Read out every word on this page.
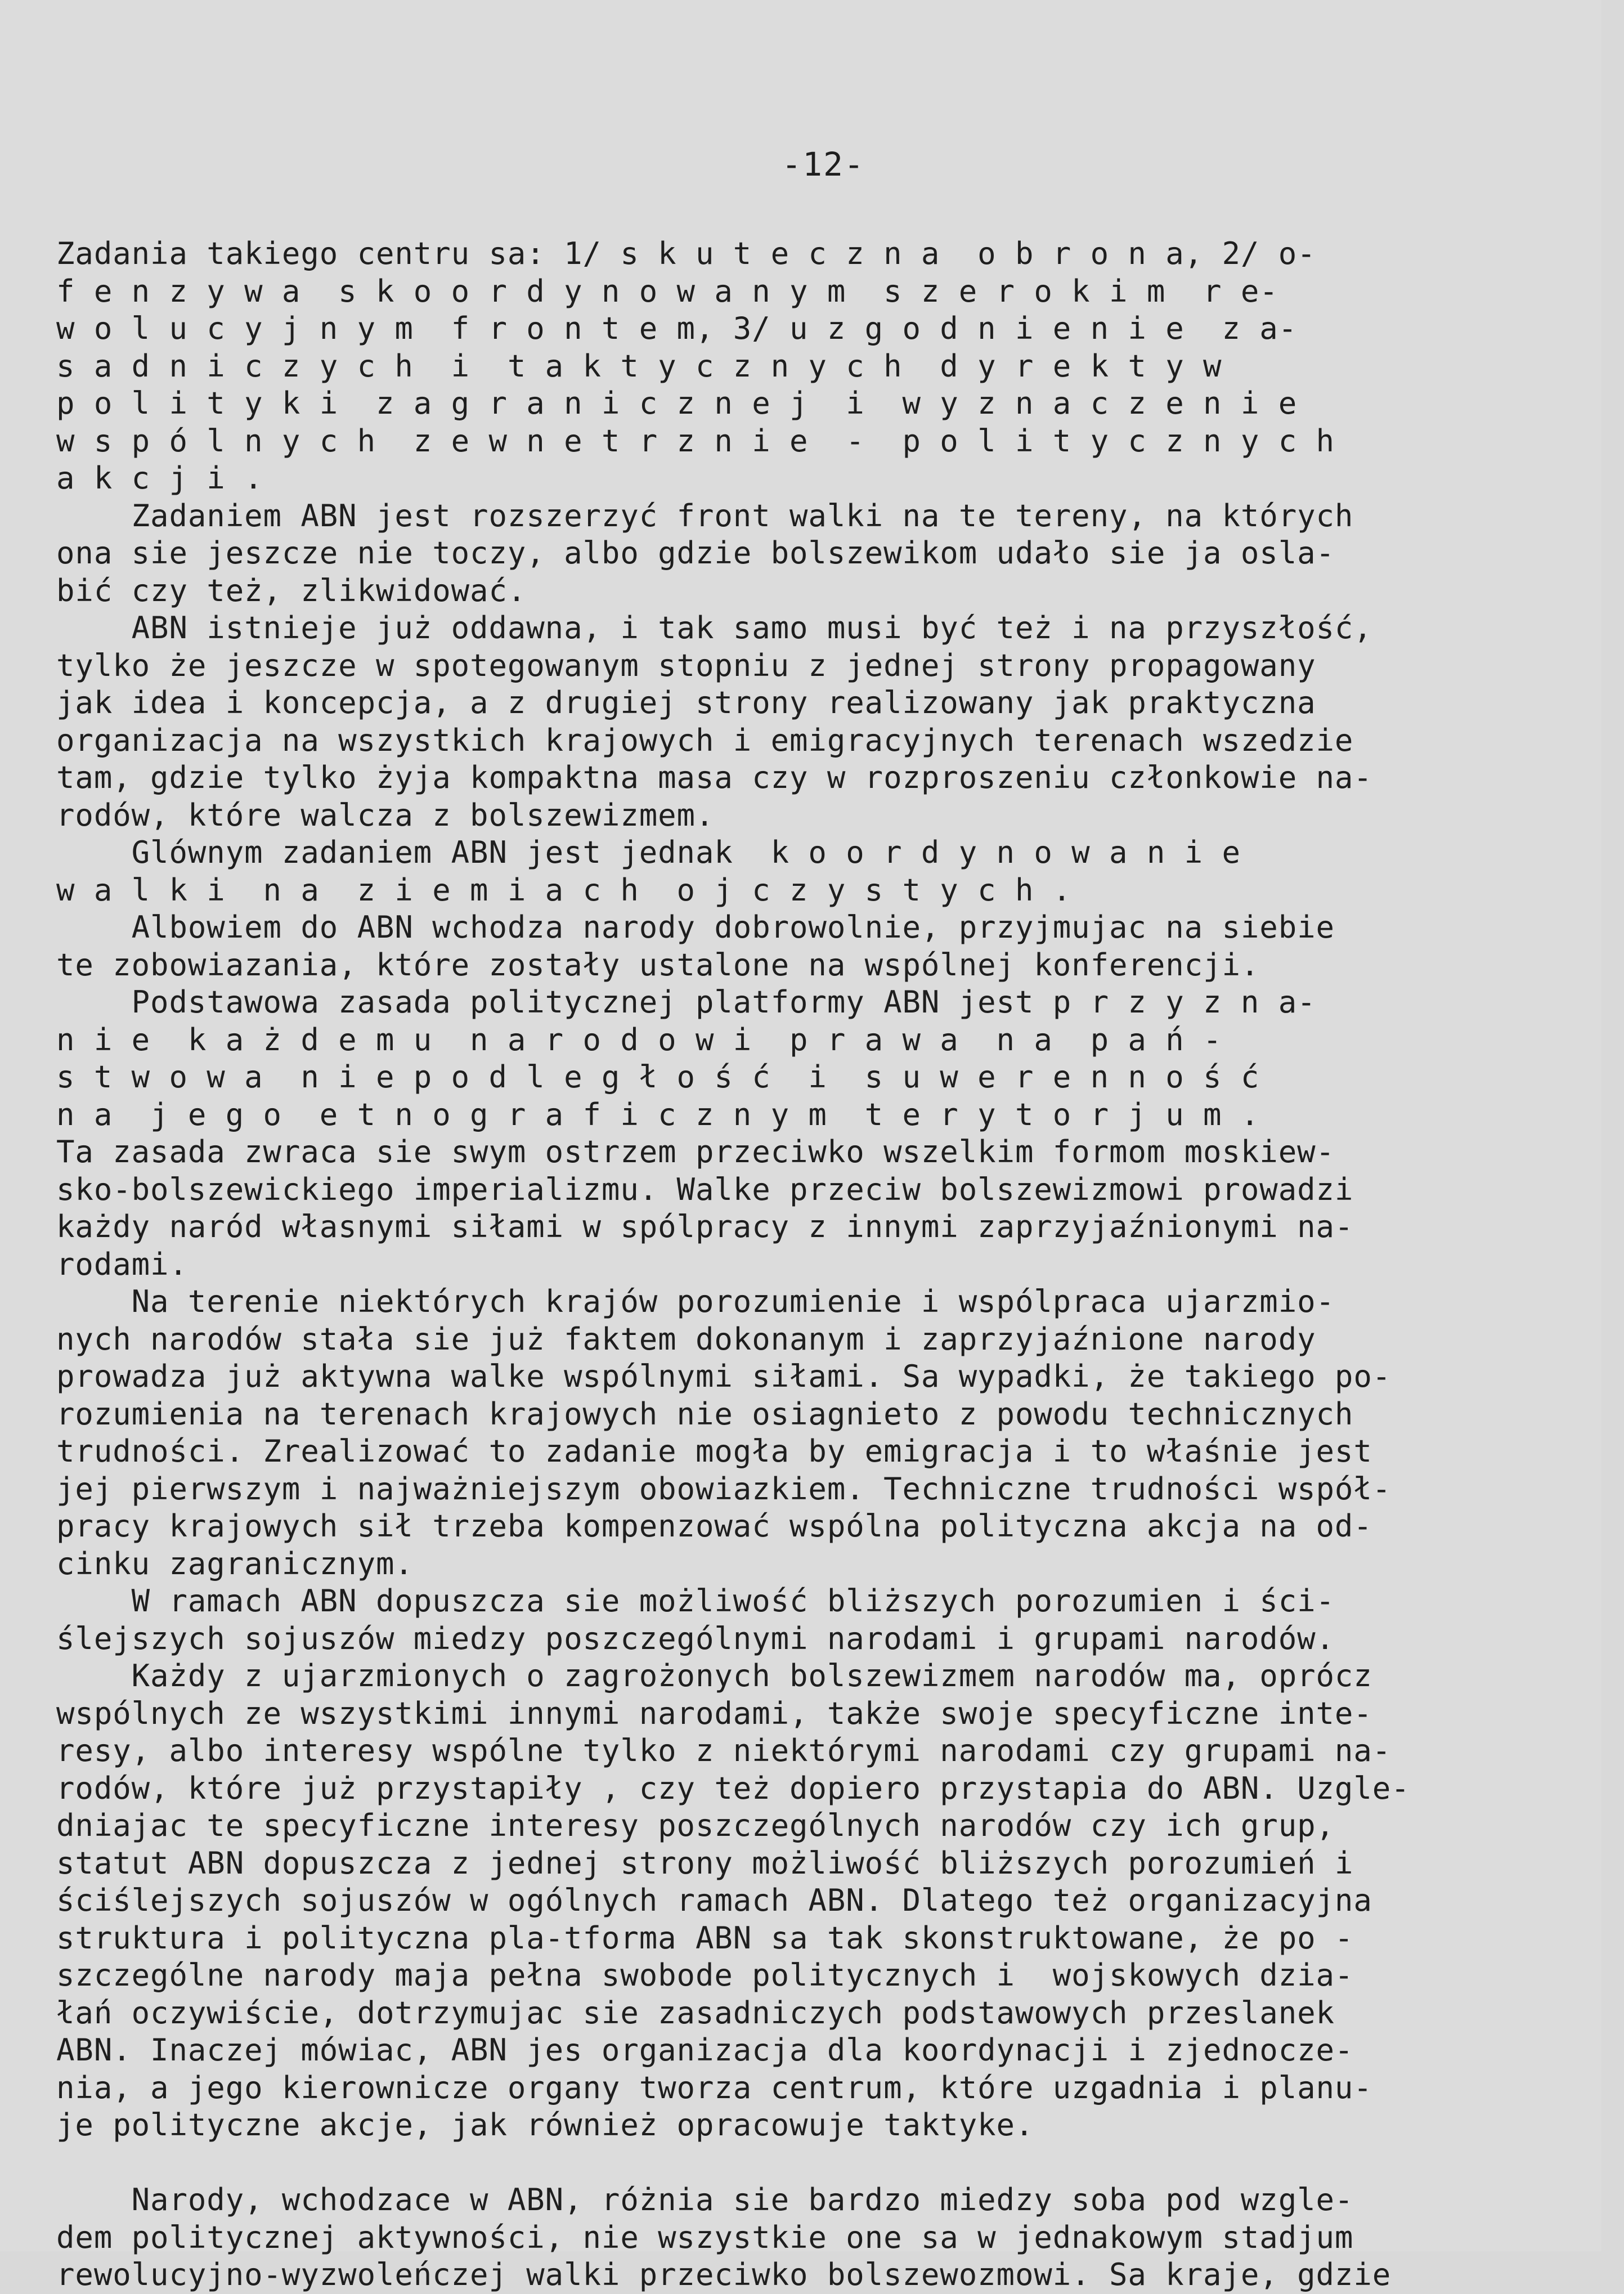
-12-
Zadania takiego centru sa: 1/ s k u t e c z n a  o b r o n a, 2/ o-
f e n z y w a  s k o o r d y n o w a n y m  s z e r o k i m  r e-
w o l u c y j n y m  f r o n t e m, 3/ u z g o d n i e n i e  z a-
s a d n i c z y c h  i  t a k t y c z n y c h  d y r e k t y w
p o l i t y k i  z a g r a n i c z n e j  i  w y z n a c z e n i e
w s p ó l n y c h  z e w n e t r z n i e  -  p o l i t y c z n y c h
a k c j i .
Zadaniem ABN jest rozszerzyć front walki na te tereny, na których
ona sie jeszcze nie toczy, albo gdzie bolszewikom udało sie ja osla-
bić czy też, zlikwidować.
ABN istnieje już oddawna, i tak samo musi być też i na przyszłość,
tylko że jeszcze w spotegowanym stopniu z jednej strony propagowany
jak idea i koncepcja, a z drugiej strony realizowany jak praktyczna
organizacja na wszystkich krajowych i emigracyjnych terenach wszedzie
tam, gdzie tylko żyja kompaktna masa czy w rozproszeniu członkowie na-
rodów, które walcza z bolszewizmem.
Glównym zadaniem ABN jest jednak  k o o r d y n o w a n i e
w a l k i  n a  z i e m i a c h  o j c z y s t y c h .
Albowiem do ABN wchodza narody dobrowolnie, przyjmujac na siebie
te zobowiazania, które zostały ustalone na wspólnej konferencji.
Podstawowa zasada politycznej platformy ABN jest p r z y z n a-
n i e  k a ż d e m u  n a r o d o w i  p r a w a  n a  p a ń -
s t w o w a  n i e p o d l e g ł o ś ć  i  s u w e r e n n o ś ć
n a  j e g o  e t n o g r a f i c z n y m  t e r y t o r j u m .
Ta zasada zwraca sie swym ostrzem przeciwko wszelkim formom moskiew-
sko-bolszewickiego imperializmu. Walke przeciw bolszewizmowi prowadzi
każdy naród własnymi siłami w spólpracy z innymi zaprzyjaźnionymi na-
rodami.
Na terenie niektórych krajów porozumienie i wspólpraca ujarzmio-
nych narodów stała sie już faktem dokonanym i zaprzyjaźnione narody
prowadza już aktywna walke wspólnymi siłami. Sa wypadki, że takiego po-
rozumienia na terenach krajowych nie osiagnieto z powodu technicznych
trudności. Zrealizować to zadanie mogła by emigracja i to właśnie jest
jej pierwszym i najważniejszym obowiazkiem. Techniczne trudności współ-
pracy krajowych sił trzeba kompenzować wspólna polityczna akcja na od-
cinku zagranicznym.
W ramach ABN dopuszcza sie możliwość bliższych porozumien i ści-
ślejszych sojuszów miedzy poszczególnymi narodami i grupami narodów.
Każdy z ujarzmionych o zagrożonych bolszewizmem narodów ma, oprócz
wspólnych ze wszystkimi innymi narodami, także swoje specyficzne inte-
resy, albo interesy wspólne tylko z niektórymi narodami czy grupami na-
rodów, które już przystapiły , czy też dopiero przystapia do ABN. Uzgle-
dniajac te specyficzne interesy poszczególnych narodów czy ich grup,
statut ABN dopuszcza z jednej strony możliwość bliższych porozumień i
ściślejszych sojuszów w ogólnych ramach ABN. Dlatego też organizacyjna
struktura i polityczna pla-tforma ABN sa tak skonstruktowane, że po -
szczególne narody maja pełna swobode politycznych i  wojskowych dzia-
łań oczywiście, dotrzymujac sie zasadniczych podstawowych przeslanek
ABN. Inaczej mówiac, ABN jes organizacja dla koordynacji i zjednocze-
nia, a jego kierownicze organy tworza centrum, które uzgadnia i planu-
je polityczne akcje, jak również opracowuje taktyke.
Narody, wchodzace w ABN, różnia sie bardzo miedzy soba pod wzgle-
dem politycznej aktywności, nie wszystkie one sa w jednakowym stadjum
rewolucyjno-wyzwoleńczej walki przeciwko bolszewozmowi. Sa kraje, gdzie
